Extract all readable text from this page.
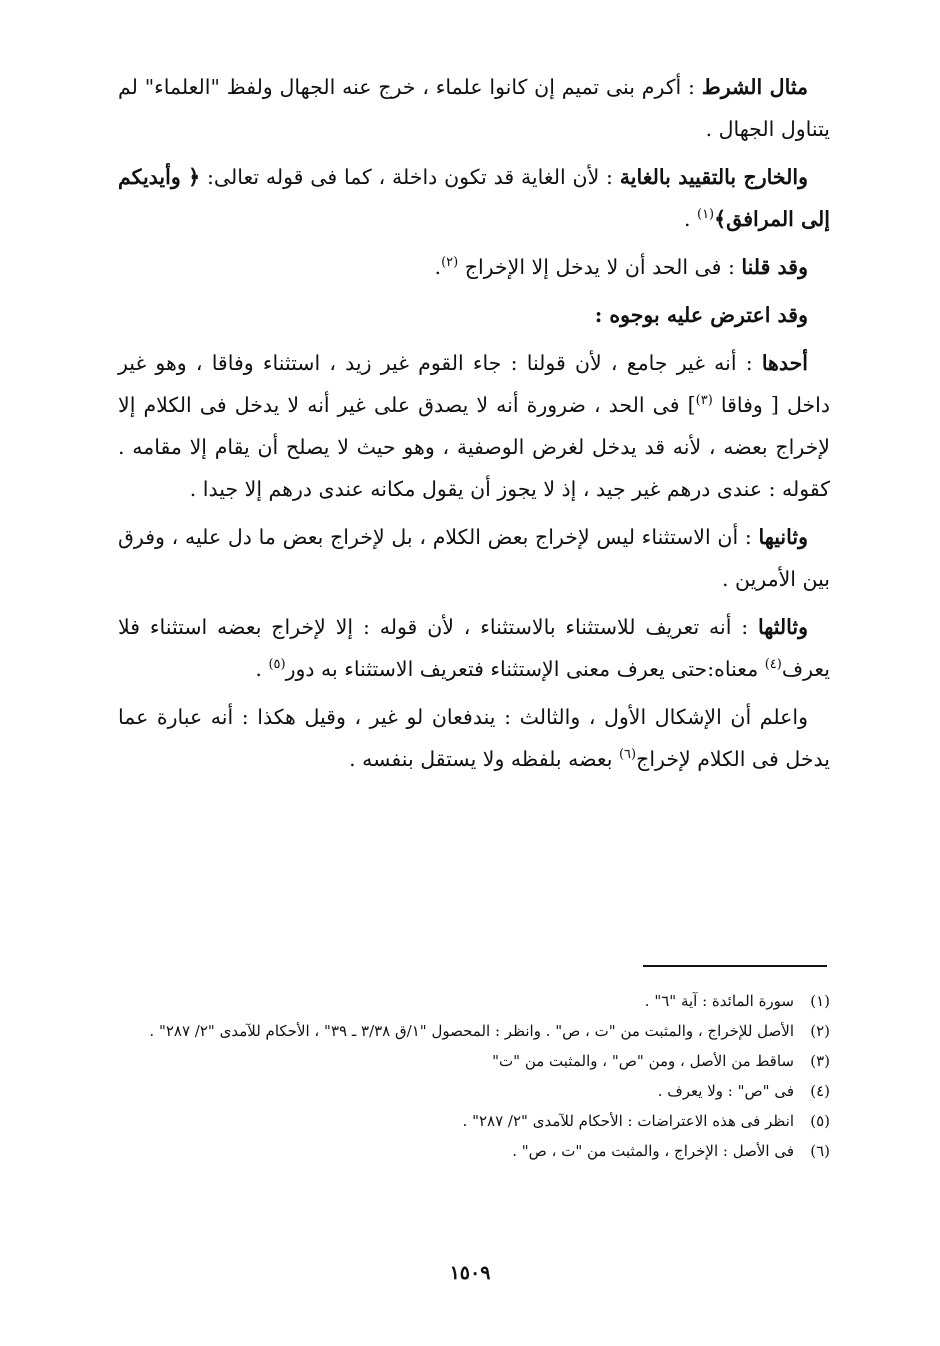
مثال الشرط : أكرم بنى تميم إن كانوا علماء ، خرج عنه الجهال ولفظ "العلماء" لم يتناول الجهال .

والخارج بالتقييد بالغاية : لأن الغاية قد تكون داخلة ، كما فى قوله تعالى: ﴿ وأيديكم إلى المرافق﴾$^{(١)}$ .

وقد قلنا : فى الحد أن لا يدخل إلا الإخراج $^{(٢)}$.

وقد اعترض عليه بوجوه :

أحدها : أنه غير جامع ، لأن قولنا : جاء القوم غير زيد ، استثناء وفاقا ، وهو غير داخل [ وفاقا $^{(٣)}$] فى الحد ، ضرورة أنه لا يصدق على غير أنه لا يدخل فى الكلام إلا لإخراج بعضه ، لأنه قد يدخل لغرض الوصفية ، وهو حيث لا يصلح أن يقام إلا مقامه . كقوله : عندى درهم غير جيد ، إذ لا يجوز أن يقول مكانه عندى درهم إلا جيدا .

وثانيها : أن الاستثناء ليس لإخراج بعض الكلام ، بل لإخراج بعض ما دل عليه ، وفرق بين الأمرين .

وثالثها : أنه تعريف للاستثناء بالاستثناء ، لأن قوله : إلا لإخراج بعضه استثناء فلا يعرف$^{(٤)}$ معناه:حتى يعرف معنى الإستثناء فتعريف الاستثناء به دور$^{(٥)}$ .

واعلم أن الإشكال الأول ، والثالث : يندفعان لو غير ، وقيل هكذا : أنه عبارة عما يدخل فى الكلام لإخراج$^{(٦)}$ بعضه بلفظه ولا يستقل بنفسه .

(١)
سورة المائدة : آية "٦" .
(٢)
الأصل للإخراج ، والمثبت من "ت ، ص" . وانظر : المحصول "١/ق ٣/٣٨ ـ ٣٩" ، الأحكام للآمدى "٢/ ٢٨٧" .
(٣)
ساقط من الأصل ، ومن "ص" ، والمثبت من "ت"
(٤)
فى "ص" : ولا يعرف .
(٥)
انظر فى هذه الاعتراضات : الأحكام للآمدى "٢/ ٢٨٧" .
(٦)
فى الأصل : الإخراج ، والمثبت من "ت ، ص" .
١٥٠٩
